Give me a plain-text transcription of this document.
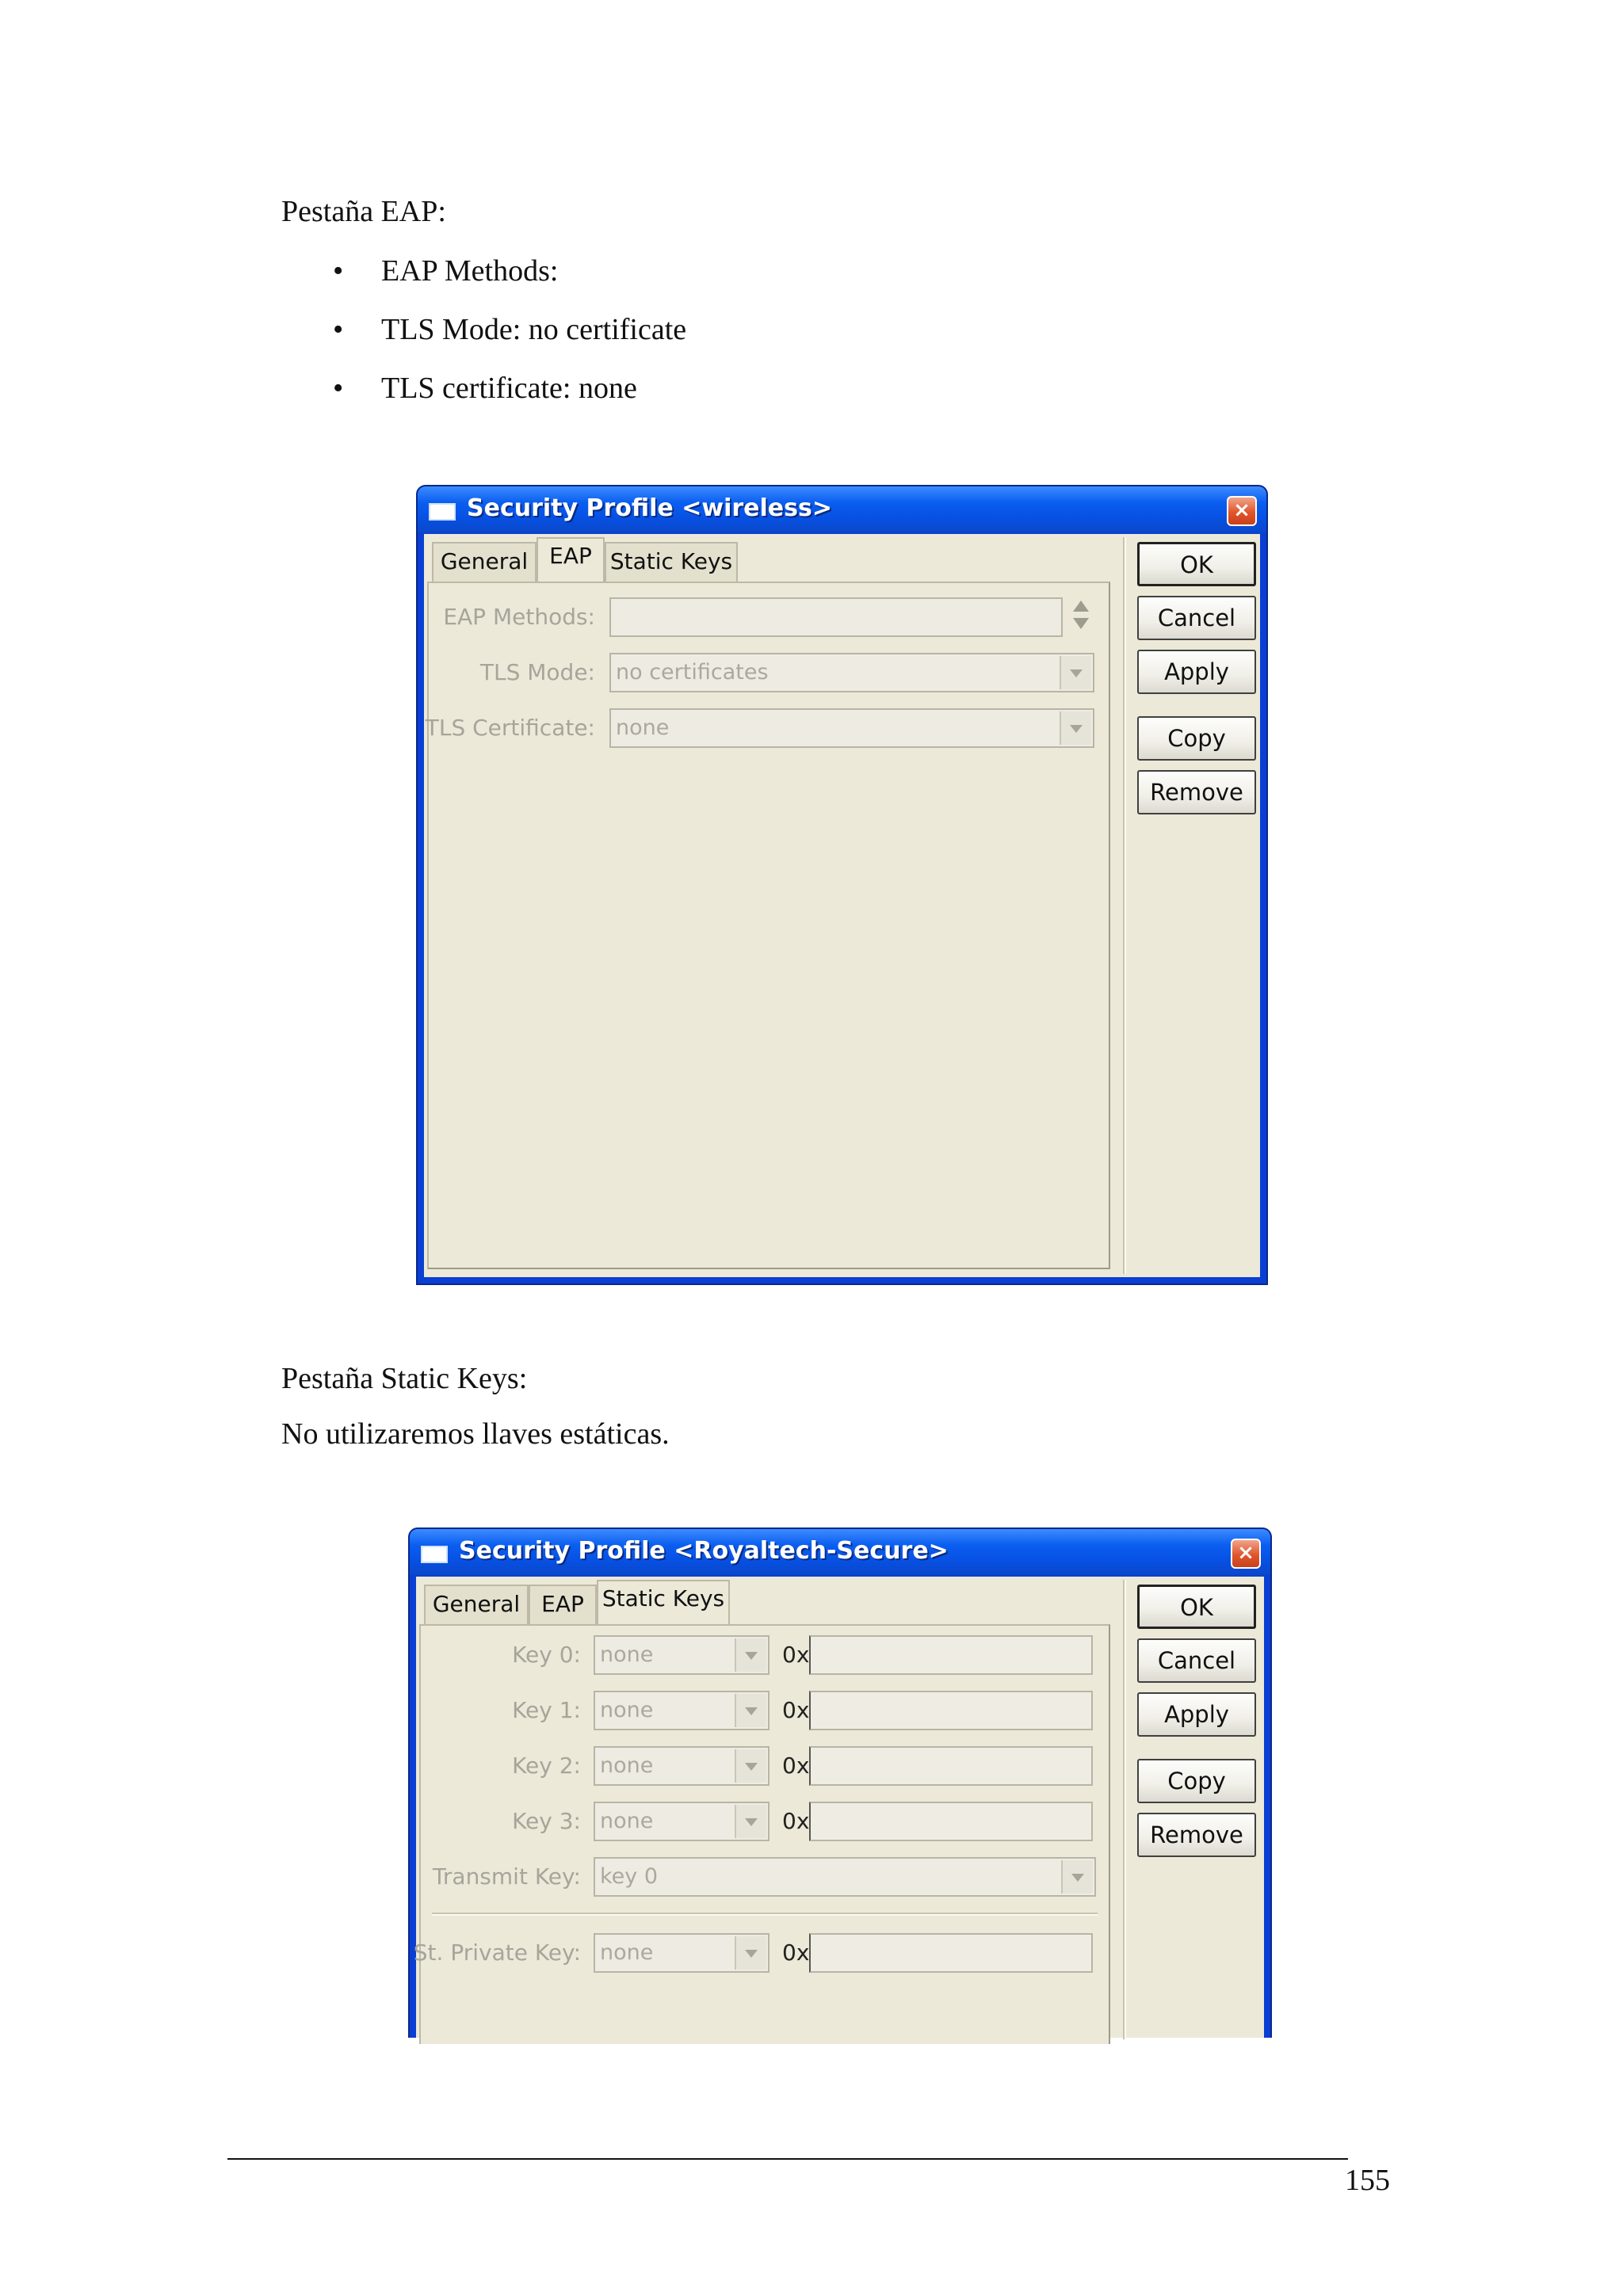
Pestaña EAP:
• EAP Methods:
• TLS Mode: no certificate
• TLS certificate: none
Security Profile <wireless>	×
General EAP Static Keys
EAP Methods:
TLS Mode: no certificates
TLS Certificate: none
OK
Cancel
Apply
Copy
Remove
Pestaña Static Keys:
No utilizaremos llaves estáticas.
Security Profile <Royaltech-Secure>	×
General EAP Static Keys
Key 0: none	0x
Key 1: none	0x
Key 2: none	0x
Key 3: none	0x
Transmit Key: key 0
St. Private Key: none	0x
OK
Cancel
Apply
Copy
Remove
155
